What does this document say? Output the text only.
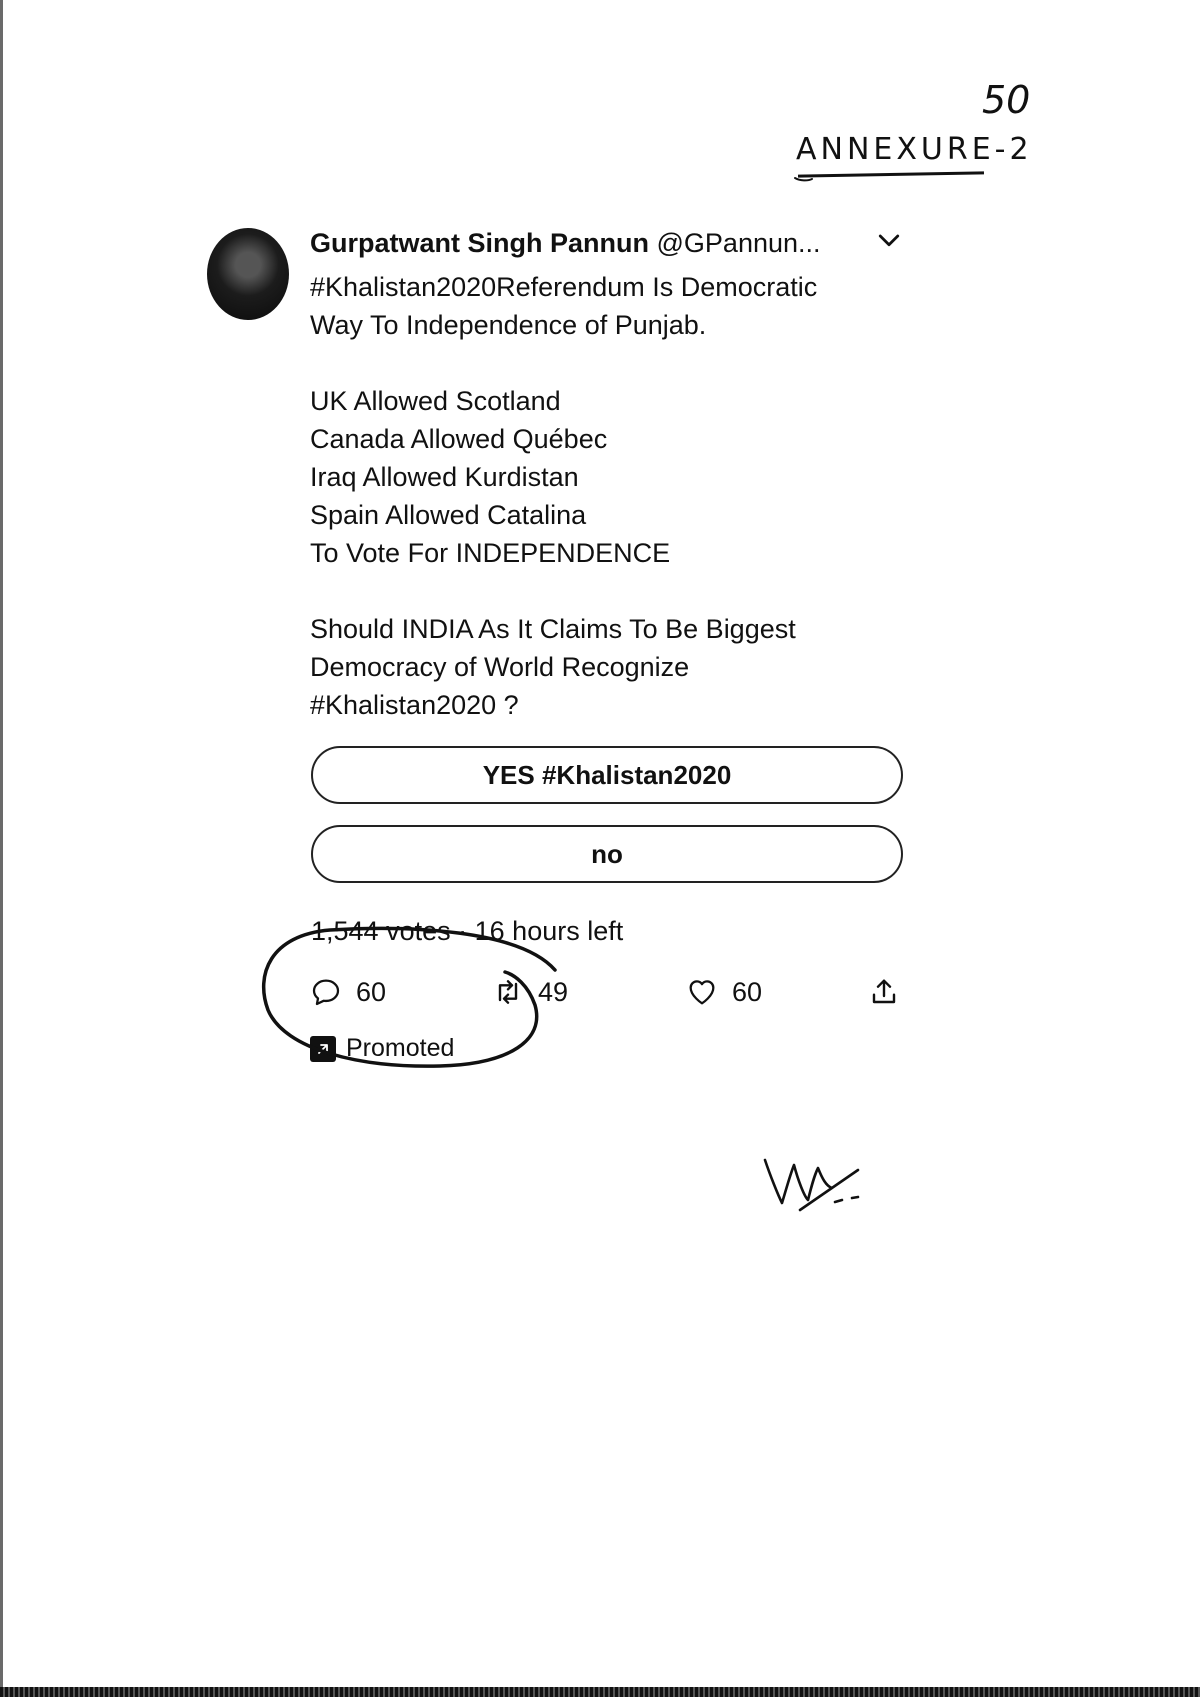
50
ANNEXURE-2
Gurpatwant Singh Pannun @GPannun...
#Khalistan2020Referendum Is Democratic
Way To Independence of Punjab.

UK Allowed Scotland
Canada Allowed Québec
Iraq Allowed Kurdistan
Spain Allowed Catalina
To Vote For INDEPENDENCE

Should INDIA As It Claims To Be Biggest
Democracy of World Recognize
#Khalistan2020 ?
YES #Khalistan2020
no
1,544 votes · 16 hours left
60	49	60
Promoted
